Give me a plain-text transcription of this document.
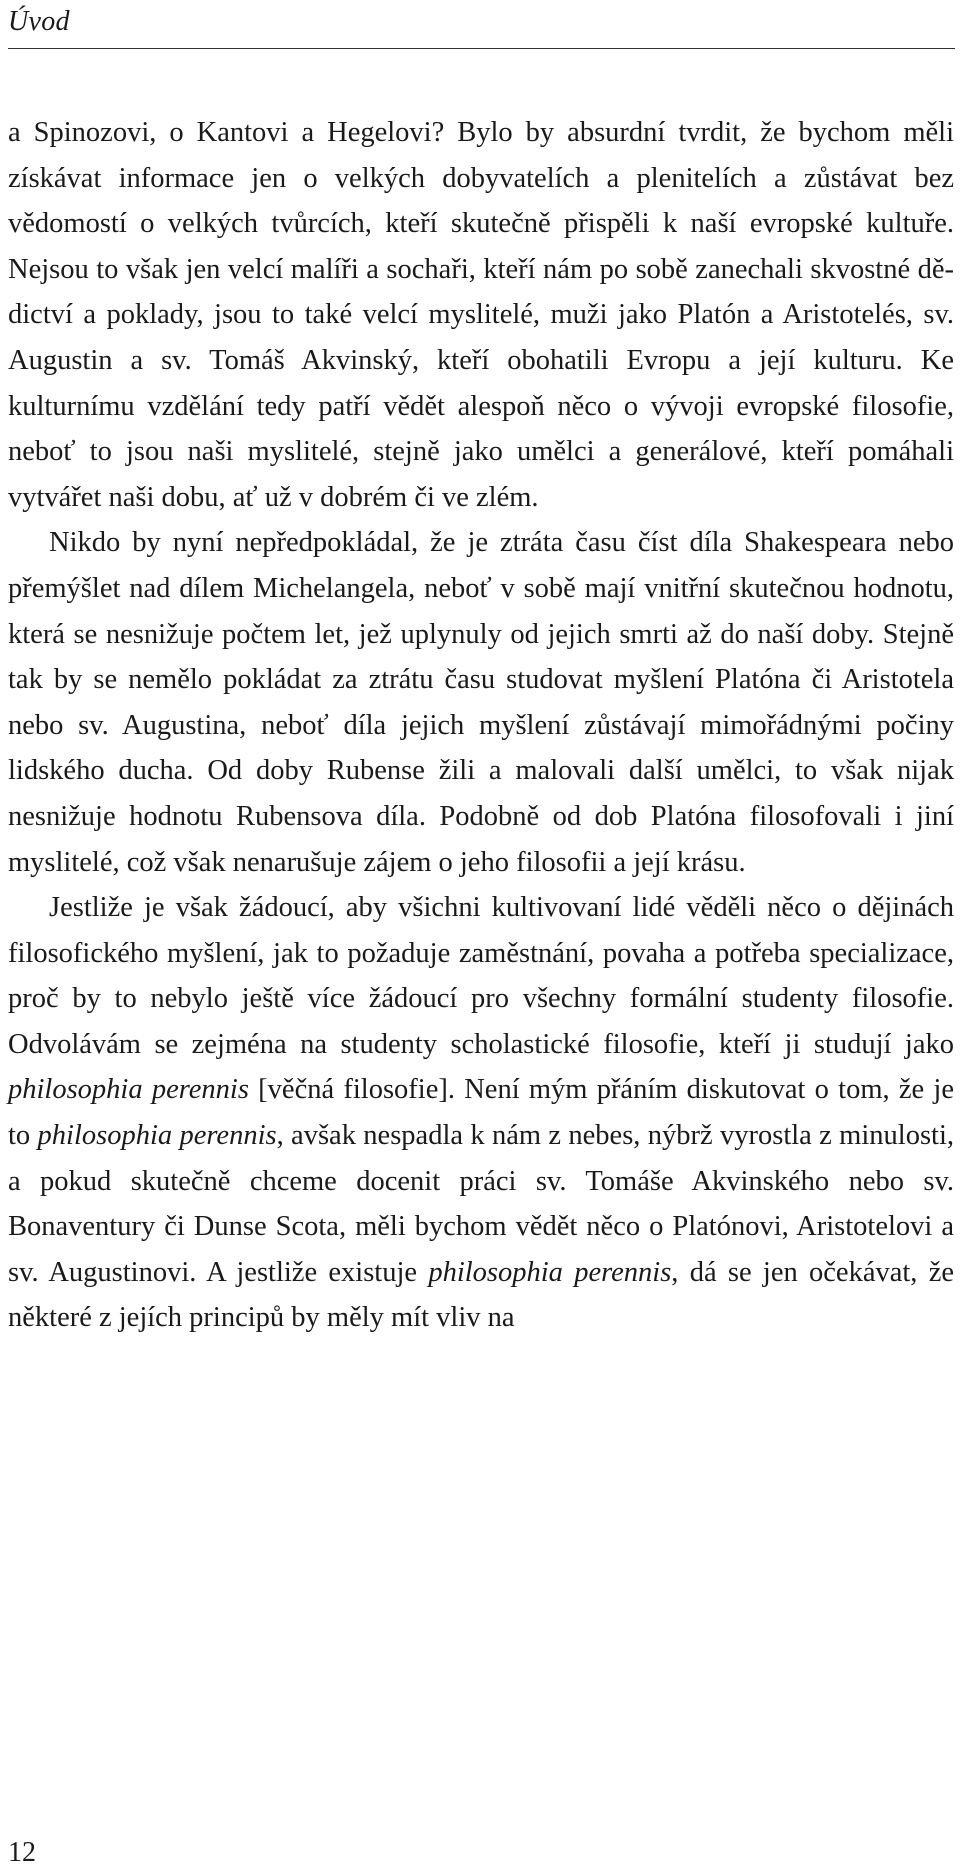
Úvod

a Spinozovi, o Kantovi a Hegelovi? Bylo by absurdní tvrdit, že bychom měli získávat informace jen o velkých dobyvatelích a plenitelích a zůstávat bez vědomostí o velkých tvůrcích, kteří skutečně přispěli k naší evropské kultuře. Nejsou to však jen velcí malíři a sochaři, kteří nám po sobě zanechali skvostné dědictví a poklady, jsou to také velcí myslitelé, muži jako Platón a Aristotelés, sv. Augustin a sv. Tomáš Akvinský, kteří obohatili Evropu a její kulturu. Ke kulturnímu vzdělání tedy patří vědět alespoň něco o vývoji evropské filosofie, neboť to jsou naši myslitelé, stejně jako umělci a generálové, kteří pomáhali vytvářet naši dobu, ať už v dobrém či ve zlém.

Nikdo by nyní nepředpokládal, že je ztráta času číst díla Shakespeara nebo přemýšlet nad dílem Michelangela, neboť v sobě mají vnitřní skutečnou hodnotu, která se nesnižuje počtem let, jež uplynuly od jejich smrti až do naší doby. Stejně tak by se nemělo pokládat za ztrátu času studovat myšlení Platóna či Aristotela nebo sv. Augustina, neboť díla jejich myšlení zůstávají mimořádnými počiny lidského ducha. Od doby Rubense žili a malovali další umělci, to však nijak nesnižuje hodnotu Rubensova díla. Podobně od dob Platóna filosofovali i jiní myslitelé, což však nenarušuje zájem o jeho filosofii a její krásu.

Jestliže je však žádoucí, aby všichni kultivovaní lidé věděli něco o dějinách filosofického myšlení, jak to požaduje zaměstnání, povaha a potřeba specializace, proč by to nebylo ještě více žádoucí pro všechny formální studenty filosofie. Odvolávám se zejména na studenty scholastické filosofie, kteří ji studují jako philosophia perennis [věčná filosofie]. Není mým přáním diskutovat o tom, že je to philosophia perennis, avšak nespadla k nám z nebes, nýbrž vyrostla z minulosti, a pokud skutečně chceme docenit práci sv. Tomáše Akvinského nebo sv. Bonaventury či Dunse Scota, měli bychom vědět něco o Platónovi, Aristotelovi a sv. Augustinovi. A jestliže existuje philosophia perennis, dá se jen očekávat, že některé z jejích principů by měly mít vliv na

12
